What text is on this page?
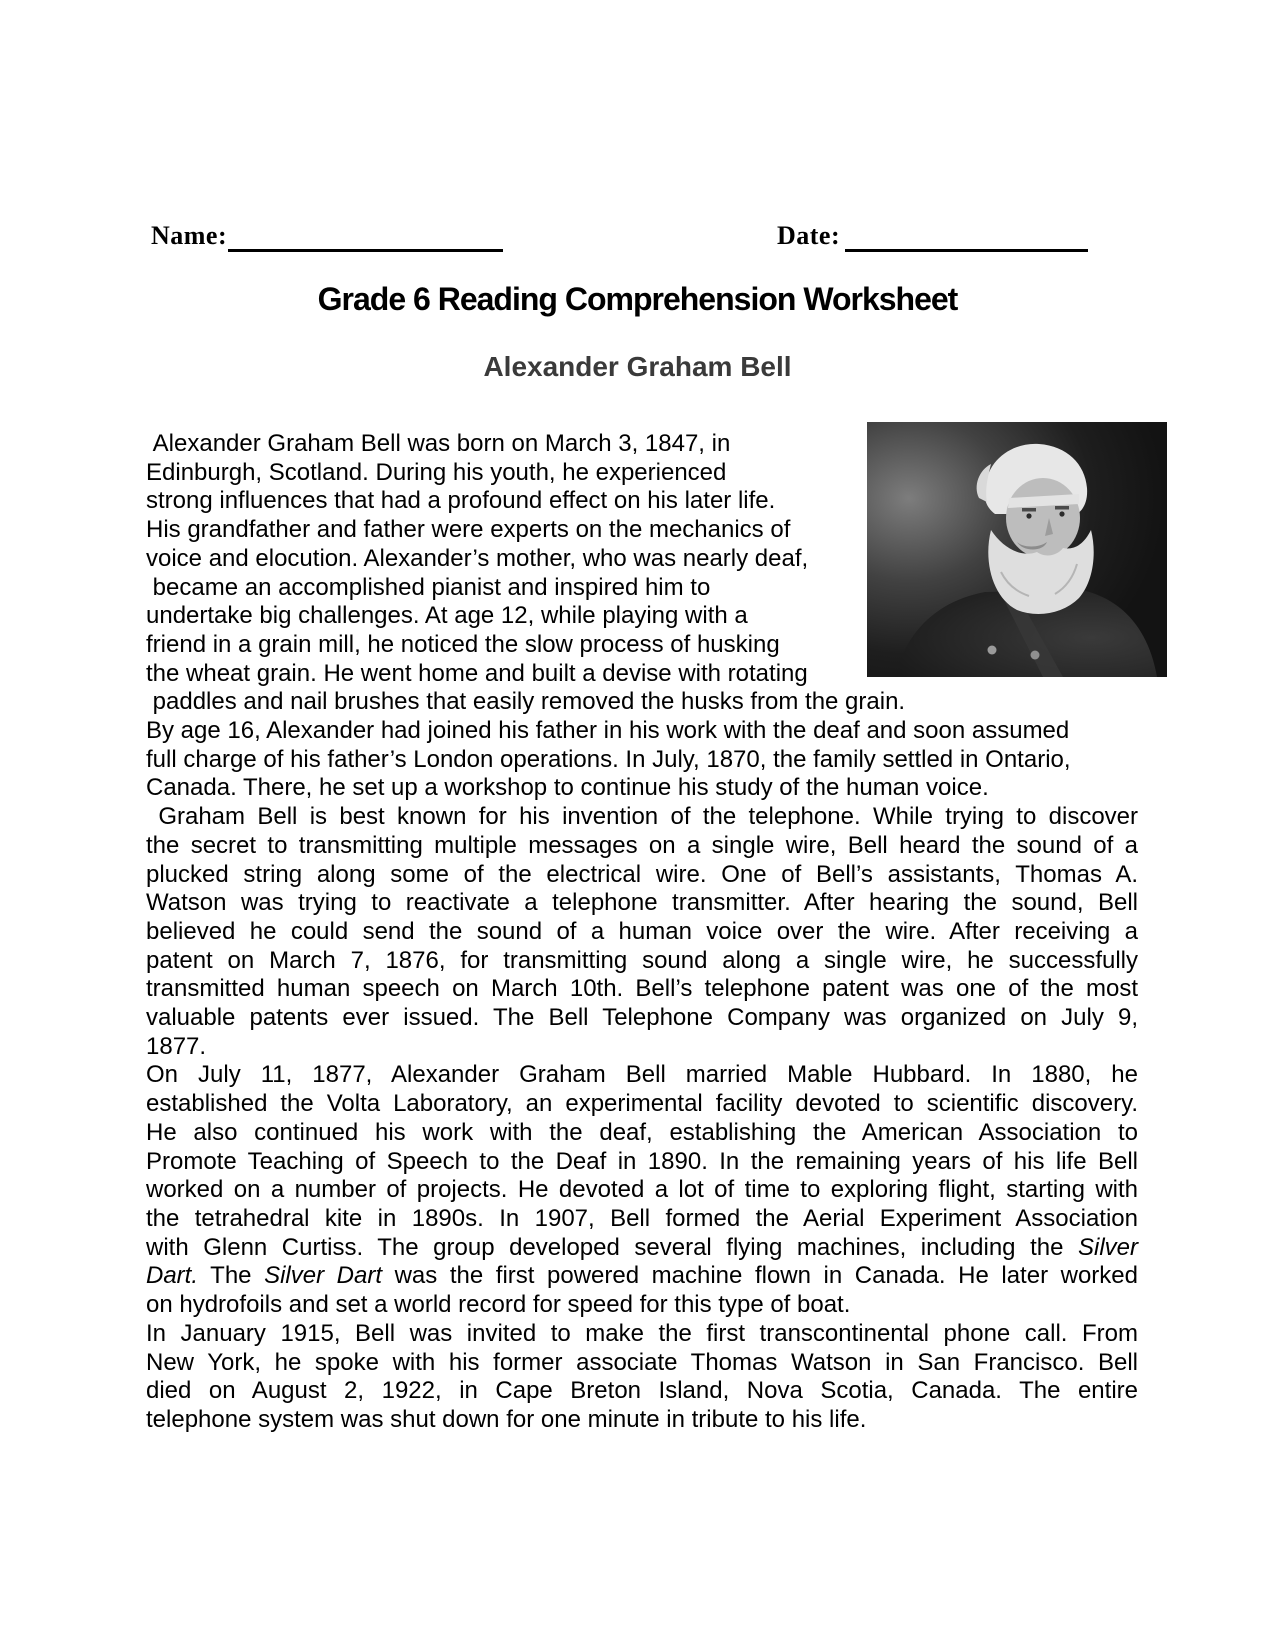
Name:	Date:
Grade 6 Reading Comprehension Worksheet
Alexander Graham Bell
Alexander Graham Bell was born on March 3, 1847, in
Edinburgh, Scotland. During his youth, he experienced
strong influences that had a profound effect on his later life.
His grandfather and father were experts on the mechanics of
voice and elocution. Alexander’s mother, who was nearly deaf,
became an accomplished pianist and inspired him to
undertake big challenges. At age 12, while playing with a
friend in a grain mill, he noticed the slow process of husking
the wheat grain. He went home and built a devise with rotating
paddles and nail brushes that easily removed the husks from the grain.
By age 16, Alexander had joined his father in his work with the deaf and soon assumed
full charge of his father’s London operations. In July, 1870, the family settled in Ontario,
Canada. There, he set up a workshop to continue his study of the human voice.
Graham Bell is best known for his invention of the telephone. While trying to discover
the secret to transmitting multiple messages on a single wire, Bell heard the sound of a
plucked string along some of the electrical wire. One of Bell’s assistants, Thomas A.
Watson was trying to reactivate a telephone transmitter. After hearing the sound, Bell
believed he could send the sound of a human voice over the wire. After receiving a
patent on March 7, 1876, for transmitting sound along a single wire, he successfully
transmitted human speech on March 10th. Bell’s telephone patent was one of the most
valuable patents ever issued. The Bell Telephone Company was organized on July 9,
1877.
On July 11, 1877, Alexander Graham Bell married Mable Hubbard. In 1880, he
established the Volta Laboratory, an experimental facility devoted to scientific discovery.
He also continued his work with the deaf, establishing the American Association to
Promote Teaching of Speech to the Deaf in 1890. In the remaining years of his life Bell
worked on a number of projects. He devoted a lot of time to exploring flight, starting with
the tetrahedral kite in 1890s. In 1907, Bell formed the Aerial Experiment Association
with Glenn Curtiss. The group developed several flying machines, including the Silver
Dart. The Silver Dart was the first powered machine flown in Canada. He later worked
on hydrofoils and set a world record for speed for this type of boat.
In January 1915, Bell was invited to make the first transcontinental phone call. From
New York, he spoke with his former associate Thomas Watson in San Francisco. Bell
died on August 2, 1922, in Cape Breton Island, Nova Scotia, Canada. The entire
telephone system was shut down for one minute in tribute to his life.
